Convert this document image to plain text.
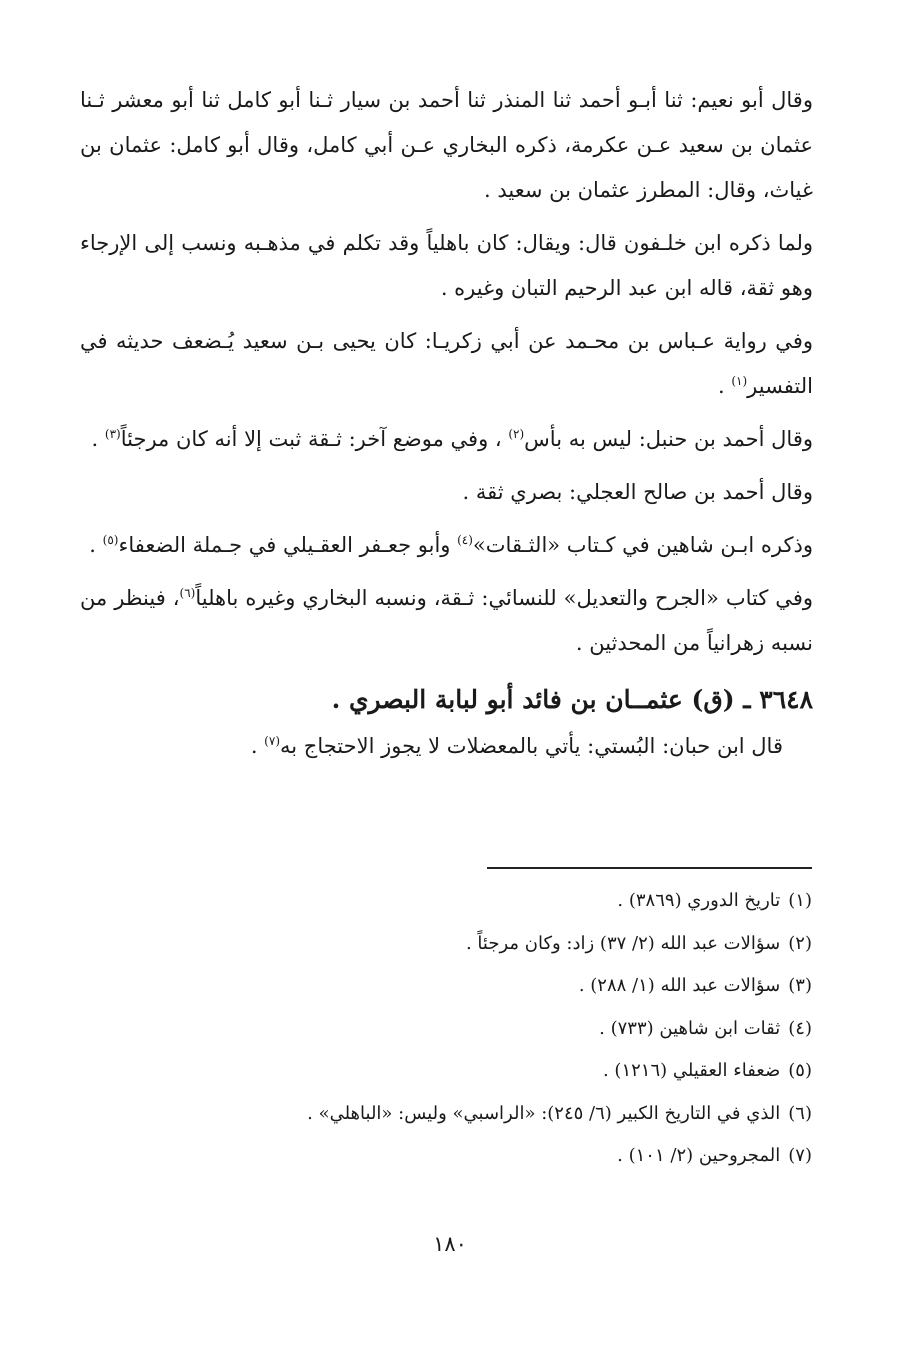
وقال أبو نعيم: ثنا أبـو أحمد ثنا المنذر ثنا أحمد بن سيار ثـنا أبو كامل ثنا أبو معشر ثـنا عثمان بن سعيد عـن عكرمة، ذكره البخاري عـن أبي كامل، وقال أبو كامل: عثمان بن غياث، وقال: المطرز عثمان بن سعيد .

ولما ذكره ابن خلـفون قال: ويقال: كان باهلياً وقد تكلم في مذهـبه ونسب إلى الإرجاء وهو ثقة، قاله ابن عبد الرحيم التبان وغيره .

وفي رواية عـباس بن محـمد عن أبي زكريـا: كان يحيى بـن سعيد يُـضعف حديثه في التفسير$^{(١)}$ .

وقال أحمد بن حنبل: ليس به بأس$^{(٢)}$ ، وفي موضع آخر: ثـقة ثبت إلا أنه كان مرجئاً$^{(٣)}$ .

وقال أحمد بن صالح العجلي: بصري ثقة .

وذكره ابـن شاهين في كـتاب «الثـقات»$^{(٤)}$ وأبو جعـفر العقـيلي في جـملة الضعفاء$^{(٥)}$ .

وفي كتاب «الجرح والتعديل» للنسائي: ثـقة، ونسبه البخاري وغيره باهلياً$^{(٦)}$، فينظر من نسبه زهرانياً من المحدثين .

٣٦٤٨ ـ (ق) عثمــان بن فائد أبو لبابة البصري .

قال ابن حبان: البُستي: يأتي بالمعضلات لا يجوز الاحتجاج به$^{(٧)}$ .

(١)تاريخ الدوري (٣٨٦٩) .
(٢)سؤالات عبد الله (٢/ ٣٧) زاد: وكان مرجئاً .
(٣)سؤالات عبد الله (١/ ٢٨٨) .
(٤)ثقات ابن شاهين (٧٣٣) .
(٥)ضعفاء العقيلي (١٢١٦) .
(٦)الذي في التاريخ الكبير (٦/ ٢٤٥): «الراسبي» وليس: «الباهلي» .
(٧)المجروحين (٢/ ١٠١) .
١٨٠
